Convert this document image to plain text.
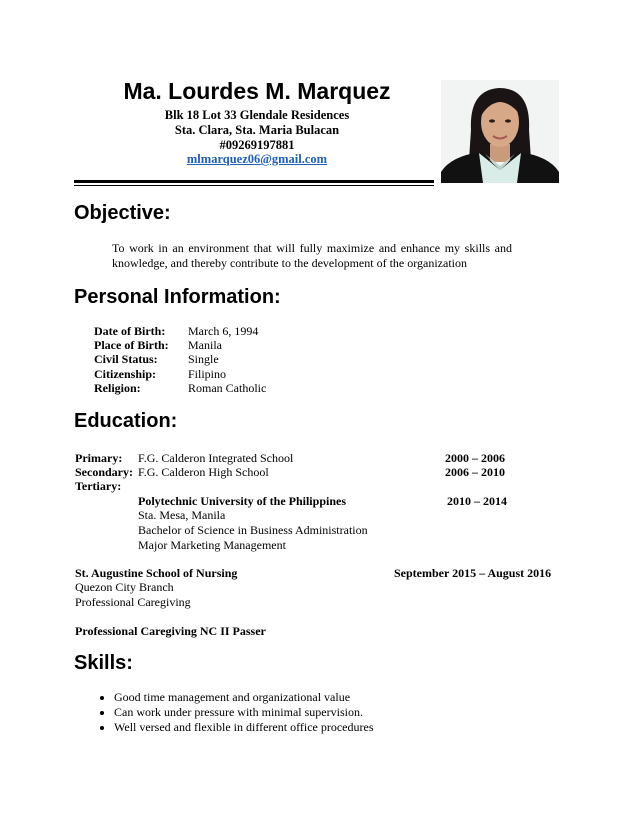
Ma. Lourdes M. Marquez
Blk 18 Lot 33 Glendale Residences
Sta. Clara, Sta. Maria Bulacan
#09269197881
mlmarquez06@gmail.com
Objective:
To work in an environment that will fully maximize and enhance my skills and
knowledge, and thereby contribute to the development of the organization
Personal Information:
Date of Birth: March 6, 1994
Place of Birth: Manila
Civil Status:	Single
Citizenship:	Filipino
Religion:	Roman Catholic
Education:
Primary: F.G. Calderon Integrated School	2000 – 2006
Secondary: F.G. Calderon High School	2006 – 2010
Tertiary:
Polytechnic University of the Philippines	2010 – 2014
Sta. Mesa, Manila
Bachelor of Science in Business Administration
Major Marketing Management
St. Augustine School of Nursing	September 2015 – August 2016
Quezon City Branch
Professional Caregiving
Professional Caregiving NC II Passer
Skills:
• Good time management and organizational value
• Can work under pressure with minimal supervision.
• Well versed and flexible in different office procedures
